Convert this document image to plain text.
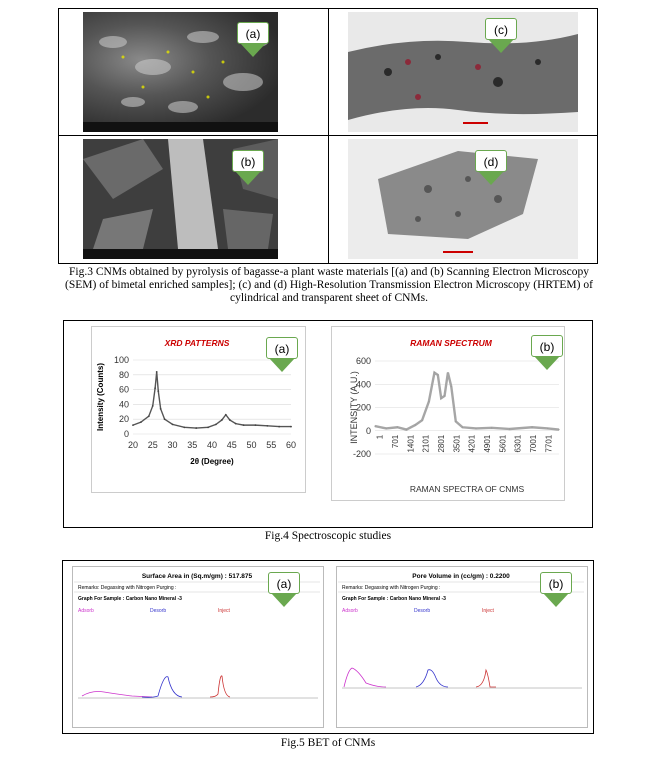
(a)	(c)
(b)	(d)
Fig.3 CNMs obtained by pyrolysis of bagasse-a plant waste materials [(a) and (b) Scanning Electron Microscopy (SEM) of bimetal enriched samples]; (c) and (d) High-Resolution Transmission Electron Microscopy (HRTEM) of cylindrical and transparent sheet of CNMs.
XRD PATTERNS
0
20
40
60
80
100
20 25 30 35 40 45 50 55 60
2θ (Degree)
Intensity (Counts)
RAMAN SPECTRUM
-200
0
200
400
600
1 701 1401 2101 2801 3501 4201 4901 5601 6301 7001 7701
RAMAN SPECTRA OF CNMS
INTENSITY (A.U.)
(a)	(b)
Fig.4 Spectroscopic studies
Surface Area in (Sq.m/gm) : 517.875
Remarks: Degassing with Nitrogen Purging :
Graph For Sample : Carbon Nano Mineral -3
Adsorb	Desorb	Inject
Pore Volume in (cc/gm) : 0.2200
Remarks: Degassing with Nitrogen Purging :
Graph For Sample : Carbon Nano Mineral -3
Adsorb	Desorb	Inject
(a)	(b)
Fig.5 BET of CNMs
